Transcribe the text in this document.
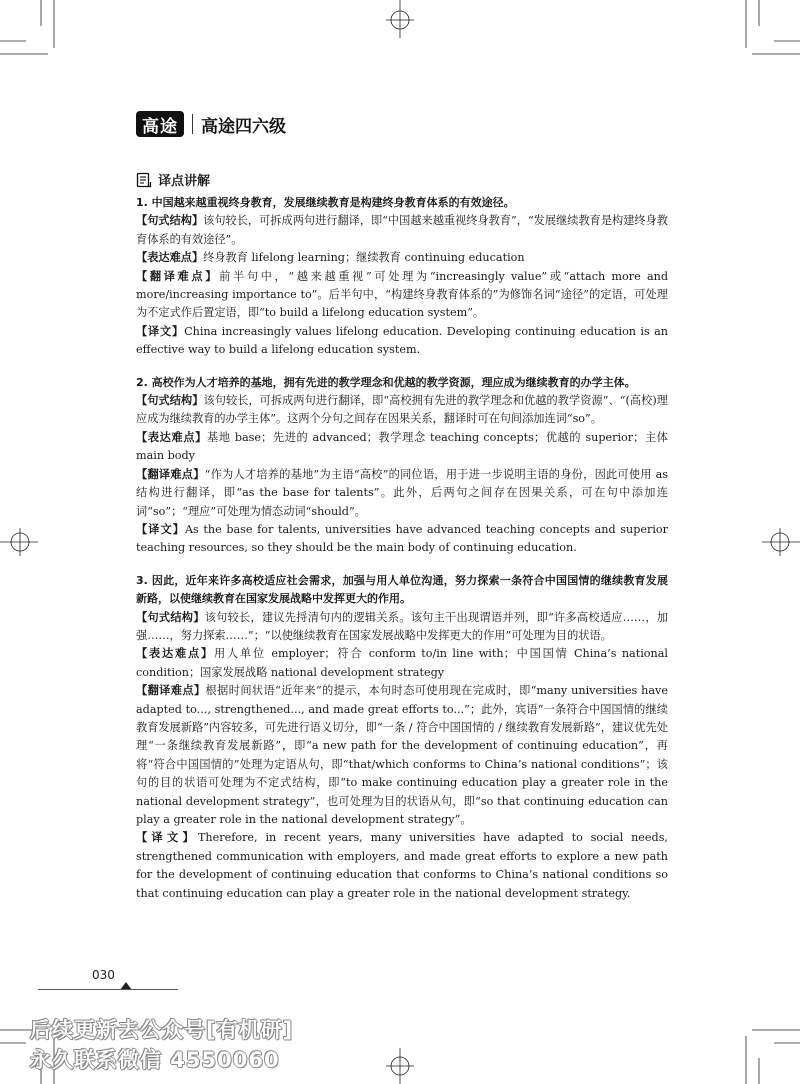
高途 高途四六级
译点讲解

1. 中国越来越重视终身教育，发展继续教育是构建终身教育体系的有效途径。

【句式结构】该句较长，可拆成两句进行翻译，即“中国越来越重视终身教育”，“发展继续教育是构建终身教育体系的有效途径”。

【表达难点】终身教育 lifelong learning；继续教育 continuing education

【翻译难点】前半句中，“越来越重视”可处理为“increasingly value”或“attach more and more/increasing importance to”。后半句中，“构建终身教育体系的”为修饰名词“途径”的定语，可处理为不定式作后置定语，即“to build a lifelong education system”。

【译文】China increasingly values lifelong education. Developing continuing education is an effective way to build a lifelong education system.

2. 高校作为人才培养的基地，拥有先进的教学理念和优越的教学资源，理应成为继续教育的办学主体。

【句式结构】该句较长，可拆成两句进行翻译，即“高校拥有先进的教学理念和优越的教学资源”、“(高校)理应成为继续教育的办学主体”。这两个分句之间存在因果关系，翻译时可在句间添加连词“so”。

【表达难点】基地 base；先进的 advanced；教学理念 teaching concepts；优越的 superior；主体 main body

【翻译难点】“作为人才培养的基地”为主语“高校”的同位语，用于进一步说明主语的身份，因此可使用 as 结构进行翻译，即“as the base for talents”。此外，后两句之间存在因果关系，可在句中添加连词“so”；“理应”可处理为情态动词“should”。

【译文】As the base for talents, universities have advanced teaching concepts and superior teaching resources, so they should be the main body of continuing education.

3. 因此，近年来许多高校适应社会需求，加强与用人单位沟通，努力探索一条符合中国国情的继续教育发展新路，以使继续教育在国家发展战略中发挥更大的作用。

【句式结构】该句较长，建议先捋清句内的逻辑关系。该句主干出现谓语并列，即“许多高校适应……，加强……，努力探索……”；“以使继续教育在国家发展战略中发挥更大的作用”可处理为目的状语。

【表达难点】用人单位 employer；符合 conform to/in line with；中国国情 China’s national condition；国家发展战略 national development strategy

【翻译难点】根据时间状语“近年来”的提示，本句时态可使用现在完成时，即“many universities have adapted to..., strengthened..., and made great efforts to...”；此外，宾语“一条符合中国国情的继续教育发展新路”内容较多，可先进行语义切分，即“一条 / 符合中国国情的 / 继续教育发展新路”，建议优先处理“一条继续教育发展新路”，即“a new path for the development of continuing education”，再将“符合中国国情的”处理为定语从句，即“that/which conforms to China’s national conditions”；该句的目的状语可处理为不定式结构，即“to make continuing education play a greater role in the national development strategy”，也可处理为目的状语从句，即“so that continuing education can play a greater role in the national development strategy”。

【译文】Therefore, in recent years, many universities have adapted to social needs, strengthened communication with employers, and made great efforts to explore a new path for the development of continuing education that conforms to China’s national conditions so that continuing education can play a greater role in the national development strategy.

030
后续更新去公众号[有机研]
永久联系微信 4550060
